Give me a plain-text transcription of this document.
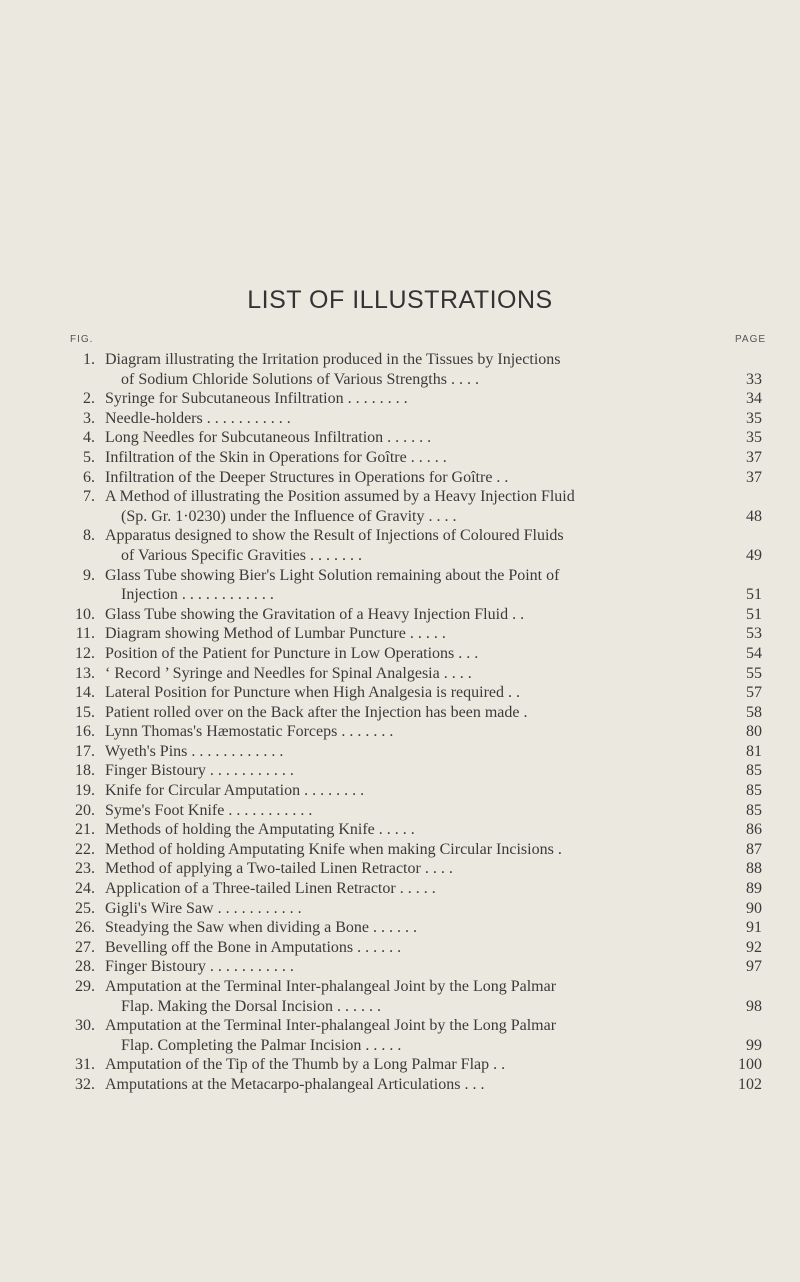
LIST OF ILLUSTRATIONS
FIG.	PAGE
1. Diagram illustrating the Irritation produced in the Tissues by Injections
of Sodium Chloride Solutions of Various Strengths . . . .	33
2. Syringe for Subcutaneous Infiltration . . . . . . . .	34
3. Needle-holders . . . . . . . . . . .	35
4. Long Needles for Subcutaneous Infiltration . . . . . .	35
5. Infiltration of the Skin in Operations for Goître . . . . .	37
6. Infiltration of the Deeper Structures in Operations for Goître . .	37
7. A Method of illustrating the Position assumed by a Heavy Injection Fluid
(Sp. Gr. 1·0230) under the Influence of Gravity . . . .	48
8. Apparatus designed to show the Result of Injections of Coloured Fluids
of Various Specific Gravities . . . . . . .	49
9. Glass Tube showing Bier's Light Solution remaining about the Point of
Injection . . . . . . . . . . . .	51
10. Glass Tube showing the Gravitation of a Heavy Injection Fluid . .	51
11. Diagram showing Method of Lumbar Puncture . . . . .	53
12. Position of the Patient for Puncture in Low Operations . . .	54
13. ‘ Record ’ Syringe and Needles for Spinal Analgesia . . . .	55
14. Lateral Position for Puncture when High Analgesia is required . .	57
15. Patient rolled over on the Back after the Injection has been made .	58
16. Lynn Thomas's Hæmostatic Forceps . . . . . . .	80
17. Wyeth's Pins . . . . . . . . . . . .	81
18. Finger Bistoury . . . . . . . . . . .	85
19. Knife for Circular Amputation . . . . . . . .	85
20. Syme's Foot Knife . . . . . . . . . . .	85
21. Methods of holding the Amputating Knife . . . . .	86
22. Method of holding Amputating Knife when making Circular Incisions .	87
23. Method of applying a Two-tailed Linen Retractor . . . .	88
24. Application of a Three-tailed Linen Retractor . . . . .	89
25. Gigli's Wire Saw . . . . . . . . . . .	90
26. Steadying the Saw when dividing a Bone . . . . . .	91
27. Bevelling off the Bone in Amputations . . . . . .	92
28. Finger Bistoury . . . . . . . . . . .	97
29. Amputation at the Terminal Inter-phalangeal Joint by the Long Palmar
Flap. Making the Dorsal Incision . . . . . .	98
30. Amputation at the Terminal Inter-phalangeal Joint by the Long Palmar
Flap. Completing the Palmar Incision . . . . .	99
31. Amputation of the Tip of the Thumb by a Long Palmar Flap . .	100
32. Amputations at the Metacarpo-phalangeal Articulations . . .	102
